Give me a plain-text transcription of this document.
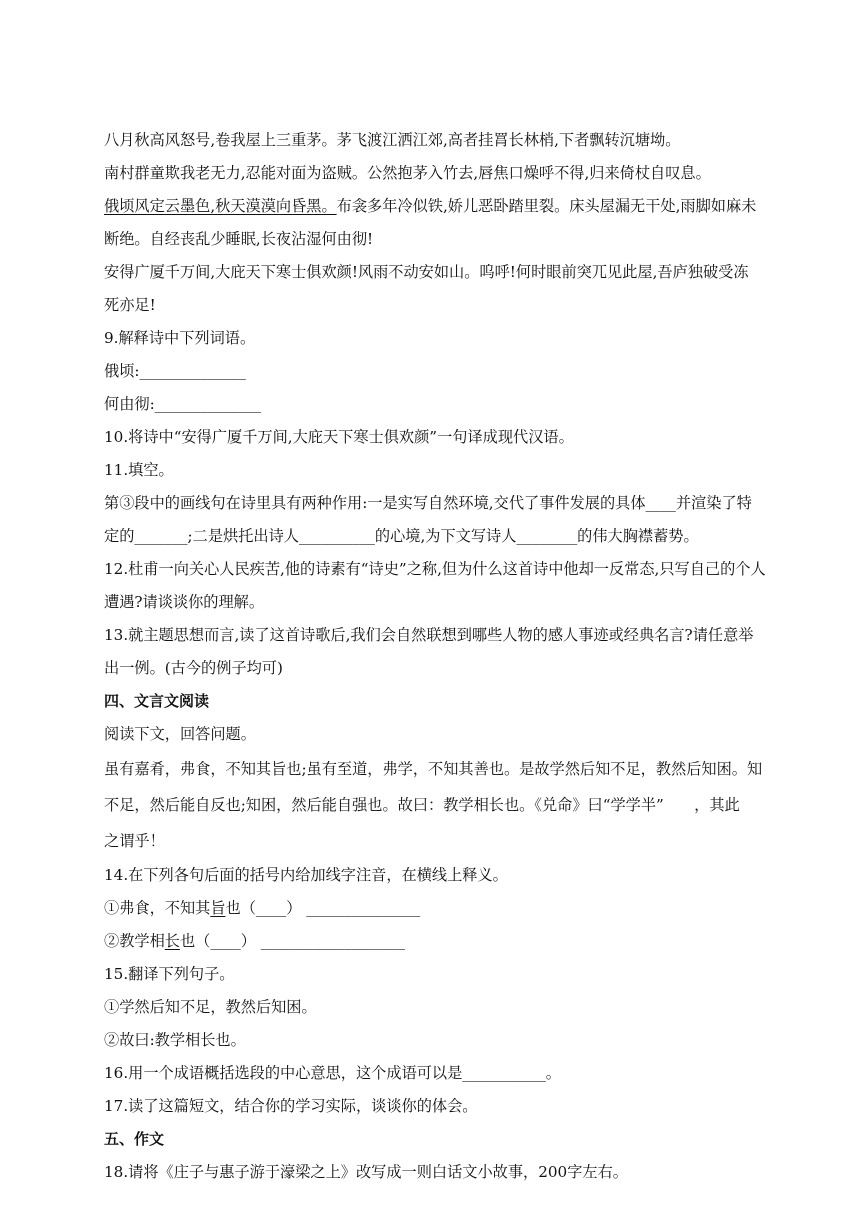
八月秋高风怒号,卷我屋上三重茅。茅飞渡江洒江郊,高者挂罥长林梢,下者飘转沉塘坳。
南村群童欺我老无力,忍能对面为盗贼。公然抱茅入竹去,唇焦口燥呼不得,归来倚杖自叹息。
俄顷风定云墨色,秋天漠漠向昏黑。布衾多年冷似铁,娇儿恶卧踏里裂。床头屋漏无干处,雨脚如麻未
断绝。自经丧乱少睡眠,长夜沾湿何由彻!
安得广厦千万间,大庇天下寒士俱欢颜!风雨不动安如山。呜呼!何时眼前突兀见此屋,吾庐独破受冻
死亦足!
9.解释诗中下列词语。
俄顷:______________
何由彻:______________
10.将诗中“安得广厦千万间,大庇天下寒士俱欢颜”一句译成现代汉语。
11.填空。
第③段中的画线句在诗里具有两种作用:一是实写自然环境,交代了事件发展的具体____并渲染了特
定的_______;二是烘托出诗人__________的心境,为下文写诗人________的伟大胸襟蓄势。
12.杜甫一向关心人民疾苦,他的诗素有“诗史”之称,但为什么这首诗中他却一反常态,只写自己的个人
遭遇?请谈谈你的理解。
13.就主题思想而言,读了这首诗歌后,我们会自然联想到哪些人物的感人事迹或经典名言?请任意举
出一例。(古今的例子均可)
四、文言文阅读
阅读下文，回答问题。
虽有嘉肴，弗食，不知其旨也;虽有至道，弗学，不知其善也。是故学然后知不足，教然后知困。知
不足，然后能自反也;知困，然后能自强也。故曰：教学相长也。《兑命》曰“学学半”　　，其此
之谓乎！
14.在下列各句后面的括号内给加线字注音，在横线上释义。
①弗食，不知其旨也（____） _______________
②教学相长也（____） ___________________
15.翻译下列句子。
①学然后知不足，教然后知困。
②故曰:教学相长也。
16.用一个成语概括选段的中心意思，这个成语可以是___________。
17.读了这篇短文，结合你的学习实际，谈谈你的体会。
五、作文
18.请将《庄子与惠子游于濠梁之上》改写成一则白话文小故事，200字左右。
